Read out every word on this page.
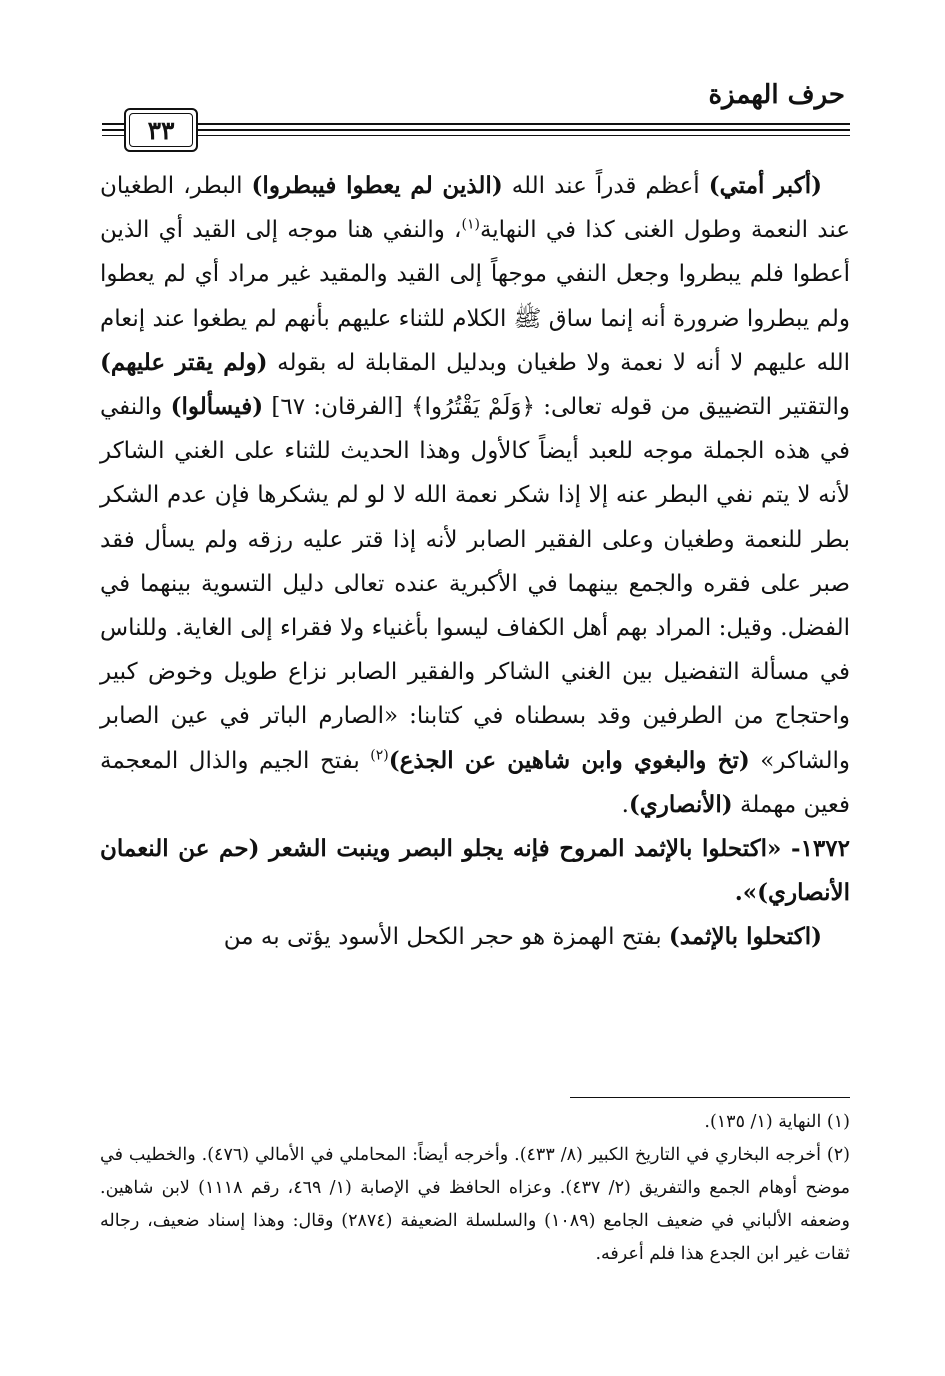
حرف الهمزة
٣٣

(أكبر أمتي) أعظم قدراً عند الله (الذين لم يعطوا فيبطروا) البطر، الطغيان عند النعمة وطول الغنى كذا في النهاية$^{(١)}$، والنفي هنا موجه إلى القيد أي الذين أعطوا فلم يبطروا وجعل النفي موجهاً إلى القيد والمقيد غير مراد أي لم يعطوا ولم يبطروا ضرورة أنه إنما ساق ﷺ الكلام للثناء عليهم بأنهم لم يطغوا عند إنعام الله عليهم لا أنه لا نعمة ولا طغيان وبدليل المقابلة له بقوله (ولم يقتر عليهم) والتقتير التضييق من قوله تعالى: ﴿وَلَمْ يَقْتُرُوا﴾ [الفرقان: ٦٧] (فيسألوا) والنفي في هذه الجملة موجه للعبد أيضاً كالأول وهذا الحديث للثناء على الغني الشاكر لأنه لا يتم نفي البطر عنه إلا إذا شكر نعمة الله لا لو لم يشكرها فإن عدم الشكر بطر للنعمة وطغيان وعلى الفقير الصابر لأنه إذا قتر عليه رزقه ولم يسأل فقد صبر على فقره والجمع بينهما في الأكبرية عنده تعالى دليل التسوية بينهما في الفضل. وقيل: المراد بهم أهل الكفاف ليسوا بأغنياء ولا فقراء إلى الغاية. وللناس في مسألة التفضيل بين الغني الشاكر والفقير الصابر نزاع طويل وخوض كبير واحتجاج من الطرفين وقد بسطناه في كتابنا: «الصارم الباتر في عين الصابر والشاكر» (تخ والبغوي وابن شاهين عن الجذع)$^{(٢)}$ بفتح الجيم والذال المعجمة فعين مهملة (الأنصاري).

١٣٧٢- «اكتحلوا بالإثمد المروح فإنه يجلو البصر وينبت الشعر (حم عن النعمان الأنصاري)».

(اكتحلوا بالإثمد) بفتح الهمزة هو حجر الكحل الأسود يؤتى به من

(١) النهاية (١/ ١٣٥).

(٢) أخرجه البخاري في التاريخ الكبير (٨/ ٤٣٣). وأخرجه أيضاً: المحاملي في الأمالي (٤٧٦). والخطيب في موضح أوهام الجمع والتفريق (٢/ ٤٣٧). وعزاه الحافظ في الإصابة (١/ ٤٦٩، رقم ١١١٨) لابن شاهين. وضعفه الألباني في ضعيف الجامع (١٠٨٩) والسلسلة الضعيفة (٢٨٧٤) وقال: وهذا إسناد ضعيف، رجاله ثقات غير ابن الجدع هذا فلم أعرفه.
